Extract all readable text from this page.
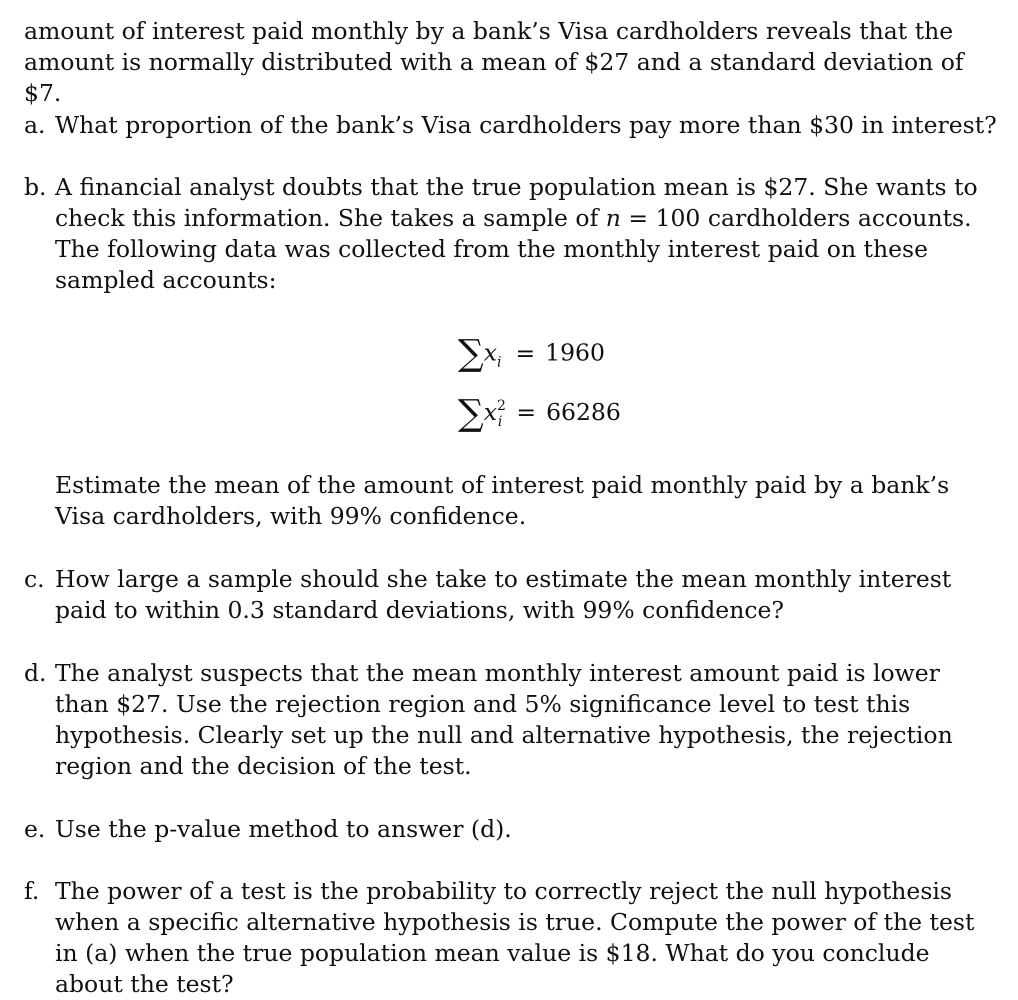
amount of interest paid monthly by a bank’s Visa cardholders reveals that the amount is normally distributed with a mean of $27 and a standard deviation of $7.
a. What proportion of the bank’s Visa cardholders pay more than $30 in interest?
b. A financial analyst doubts that the true population mean is $27. She wants to check this information. She takes a sample of n = 100 cardholders accounts. The following data was collected from the monthly interest paid on these sampled accounts:
$\sum x_i = 1960$
$\sum x^2_i = 66286$
Estimate the mean of the amount of interest paid monthly paid by a bank’s Visa cardholders, with 99% confidence.
c. How large a sample should she take to estimate the mean monthly interest paid to within 0.3 standard deviations, with 99% confidence?
d. The analyst suspects that the mean monthly interest amount paid is lower than $27. Use the rejection region and 5% significance level to test this hypothesis. Clearly set up the null and alternative hypothesis, the rejection region and the decision of the test.
e. Use the p-value method to answer (d).
f. The power of a test is the probability to correctly reject the null hypothesis when a specific alternative hypothesis is true. Compute the power of the test in (a) when the true population mean value is $18. What do you conclude about the test?
